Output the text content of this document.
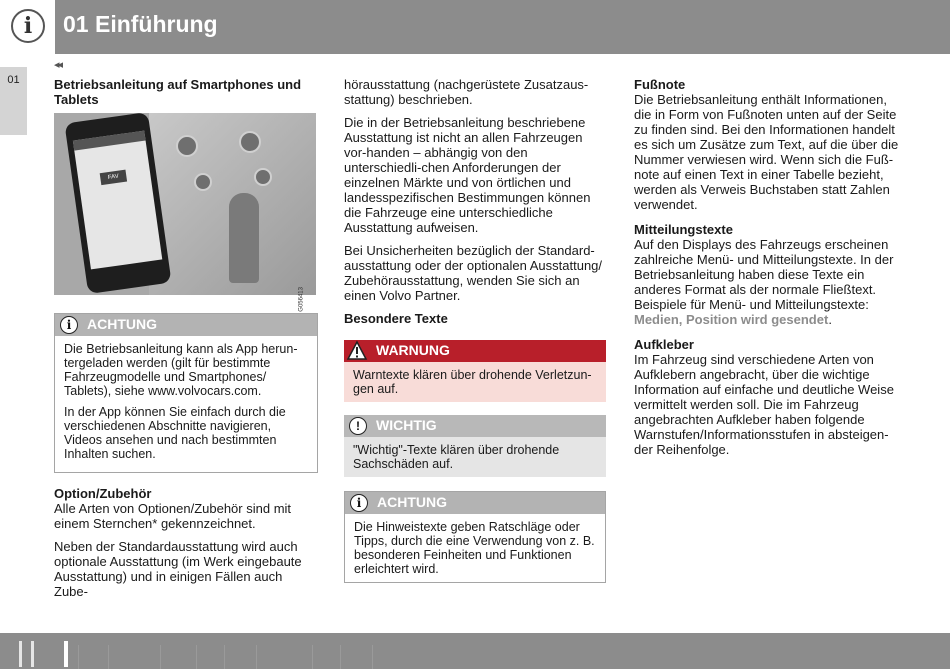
i	01 Einführung
01
◂◂
Betriebsanleitung auf Smartphones und Tablets
FAV
G056413
i	ACHTUNG

Die Betriebsanleitung kann als App herun-tergeladen werden (gilt für bestimmte Fahrzeugmodelle und Smartphones/ Tablets), siehe www.volvocars.com.

In der App können Sie einfach durch die verschiedenen Abschnitte navigieren, Videos ansehen und nach bestimmten Inhalten suchen.

Option/Zubehör

Alle Arten von Optionen/Zubehör sind mit einem Sternchen* gekennzeichnet.

Neben der Standardausstattung wird auch optionale Ausstattung (im Werk eingebaute Ausstattung) und in einigen Fällen auch Zube-

hörausstattung (nachgerüstete Zusatzaus-stattung) beschrieben.

Die in der Betriebsanleitung beschriebene Ausstattung ist nicht an allen Fahrzeugen vor-handen – abhängig von den unterschiedli-chen Anforderungen der einzelnen Märkte und von örtlichen und landesspezifischen Bestimmungen können die Fahrzeuge eine unterschiedliche Ausstattung aufweisen.

Bei Unsicherheiten bezüglich der Standard-ausstattung oder der optionalen Ausstattung/ Zubehörausstattung, wenden Sie sich an einen Volvo Partner.

Besondere Texte
WARNUNG
Warntexte klären über drohende Verletzun-gen auf.
!	WICHTIG
"Wichtig"-Texte klären über drohende Sachschäden auf.
i	ACHTUNG
Die Hinweistexte geben Ratschläge oder Tipps, durch die eine Verwendung von z. B. besonderen Feinheiten und Funktionen erleichtert wird.
Fußnote

Die Betriebsanleitung enthält Informationen, die in Form von Fußnoten unten auf der Seite zu finden sind. Bei den Informationen handelt es sich um Zusätze zum Text, auf die über die Nummer verwiesen wird. Wenn sich die Fuß-note auf einen Text in einer Tabelle bezieht, werden als Verweis Buchstaben statt Zahlen verwendet.

Mitteilungstexte

Auf den Displays des Fahrzeugs erscheinen zahlreiche Menü- und Mitteilungstexte. In der Betriebsanleitung haben diese Texte ein anderes Format als der normale Fließtext. Beispiele für Menü- und Mitteilungstexte: Medien, Position wird gesendet.

Aufkleber

Im Fahrzeug sind verschiedene Arten von Aufklebern angebracht, über die wichtige Information auf einfache und deutliche Weise vermittelt werden soll. Die im Fahrzeug angebrachten Aufkleber haben folgende Warnstufen/Informationsstufen in absteigen-der Reihenfolge.
